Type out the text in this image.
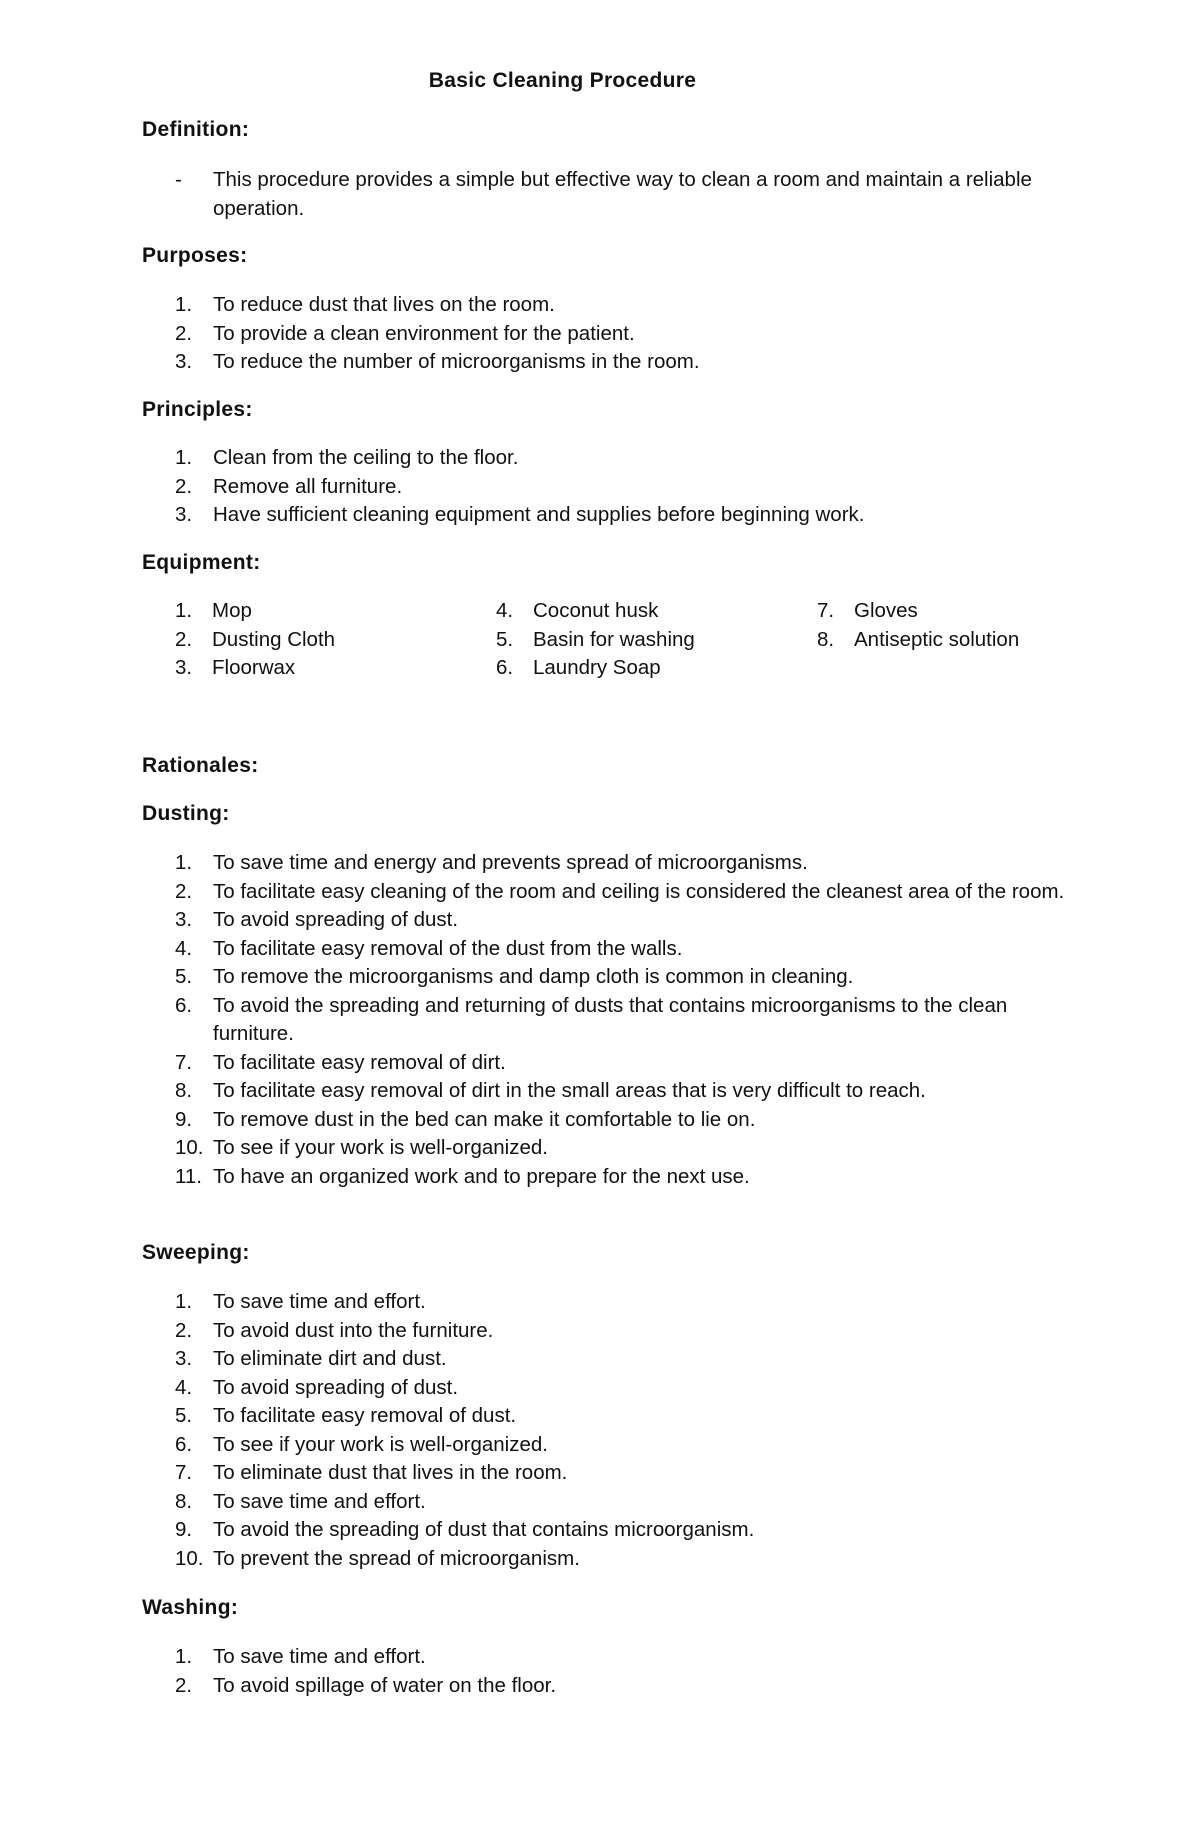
Basic Cleaning Procedure
Definition:
- This procedure provides a simple but effective way to clean a room and maintain a reliable operation.
Purposes:
1. To reduce dust that lives on the room.
2. To provide a clean environment for the patient.
3. To reduce the number of microorganisms in the room.
Principles:
1. Clean from the ceiling to the floor.
2. Remove all furniture.
3. Have sufficient cleaning equipment and supplies before beginning work.
Equipment:
1. Mop
2. Dusting Cloth
3. Floorwax
4. Coconut husk
5. Basin for washing
6. Laundry Soap
7. Gloves
8. Antiseptic solution
Rationales:
Dusting:
1. To save time and energy and prevents spread of microorganisms.
2. To facilitate easy cleaning of the room and ceiling is considered the cleanest area of the room.
3. To avoid spreading of dust.
4. To facilitate easy removal of the dust from the walls.
5. To remove the microorganisms and damp cloth is common in cleaning.
6. To avoid the spreading and returning of dusts that contains microorganisms to the clean furniture.
7. To facilitate easy removal of dirt.
8. To facilitate easy removal of dirt in the small areas that is very difficult to reach.
9. To remove dust in the bed can make it comfortable to lie on.
10. To see if your work is well-organized.
11. To have an organized work and to prepare for the next use.
Sweeping:
1. To save time and effort.
2. To avoid dust into the furniture.
3. To eliminate dirt and dust.
4. To avoid spreading of dust.
5. To facilitate easy removal of dust.
6. To see if your work is well-organized.
7. To eliminate dust that lives in the room.
8. To save time and effort.
9. To avoid the spreading of dust that contains microorganism.
10. To prevent the spread of microorganism.
Washing:
1. To save time and effort.
2. To avoid spillage of water on the floor.
